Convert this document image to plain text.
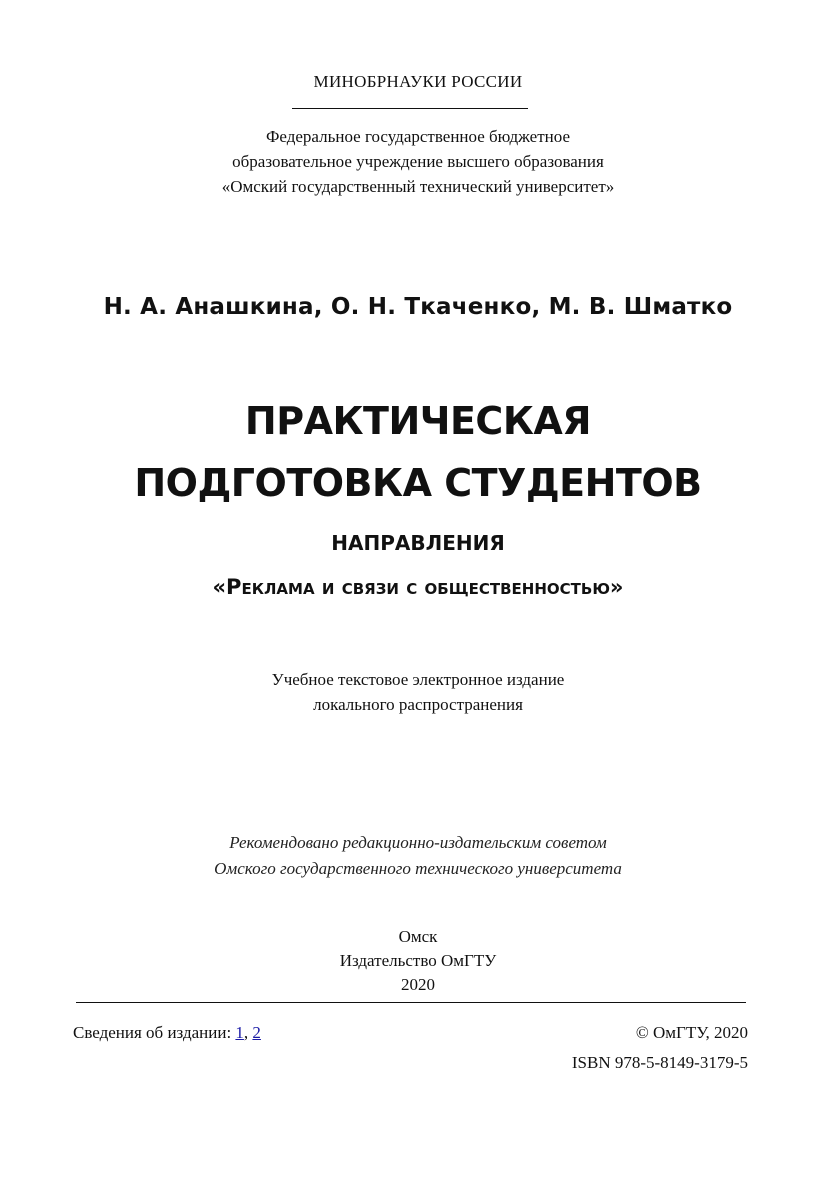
МИНОБРНАУКИ РОССИИ
Федеральное государственное бюджетное
образовательное учреждение высшего образования
«Омский государственный технический университет»
Н. А. Анашкина, О. Н. Ткаченко, М. В. Шматко
ПРАКТИЧЕСКАЯ
ПОДГОТОВКА СТУДЕНТОВ
НАПРАВЛЕНИЯ
«Реклама и связи с общественностью»
Учебное текстовое электронное издание
локального распространения
Рекомендовано редакционно-издательским советом
Омского государственного технического университета
Омск
Издательство ОмГТУ
2020
Сведения об издании: 1, 2	© ОмГТУ, 2020
ISBN 978-5-8149-3179-5
